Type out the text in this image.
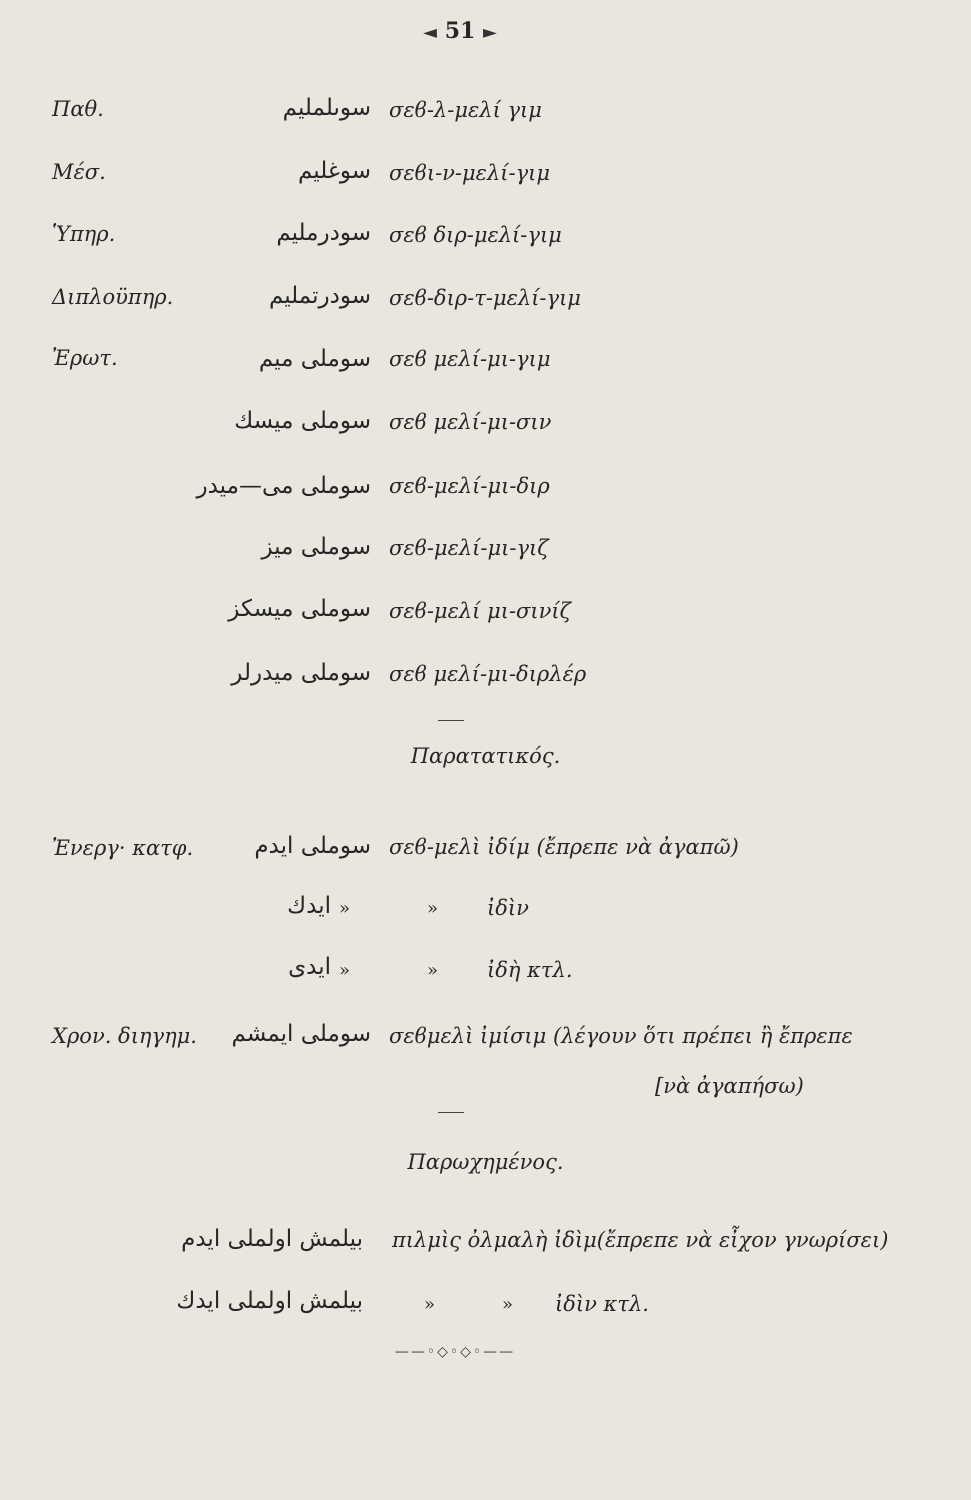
◄ 51 ►
Παθ.	سوىلمليم σεϐ-λ-μελί γιμ
Μέσ.	سوغليم σεϐι-ν-μελί-γιμ
Ὑπηρ.	سودرمليم σεϐ διρ-μελί-γιμ
Διπλοϋπηρ.	سودرتمليم σεϐ-διρ-τ-μελί-γιμ
Ἐρωτ.	سوملى ميم σεϐ μελί-μι-γιμ
سوملى ميسك σεϐ μελί-μι-σιν
سوملى مى—ميدر σεϐ-μελί-μι-διρ
سوملى ميز σεϐ-μελί-μι-γιζ
سوملى ميسكز σεϐ-μελί μι-σινίζ
سوملى ميدرلر σεϐ μελί-μι-διρλέρ
Παρατατικός.
Ἐνεργ· κατφ.	سوملى ايدم σεϐ-μελὶ ἰδίμ (ἔπρεπε νὰ ἀγαπῶ)
ايدك »	» ἰδὶν
ايدى »	» ἰδὴ κτλ.
Χρον. διηγημ. سوملى ايمشم σεϐμελὶ ἰμίσιμ (λέγουν ὅτι πρέπει ἢ ἔπρεπε
[νὰ ἀγαπήσω)
Παρωχημένος.
بيلمش اولملى ايدم πιλμὶς ὀλμαλὴ ἰδὶμ(ἔπρεπε νὰ εἶχον γνωρίσει)
بيلمش اولملى ايدك	»	» ἰδὶν κτλ.
——◦◇◦◇◦——
